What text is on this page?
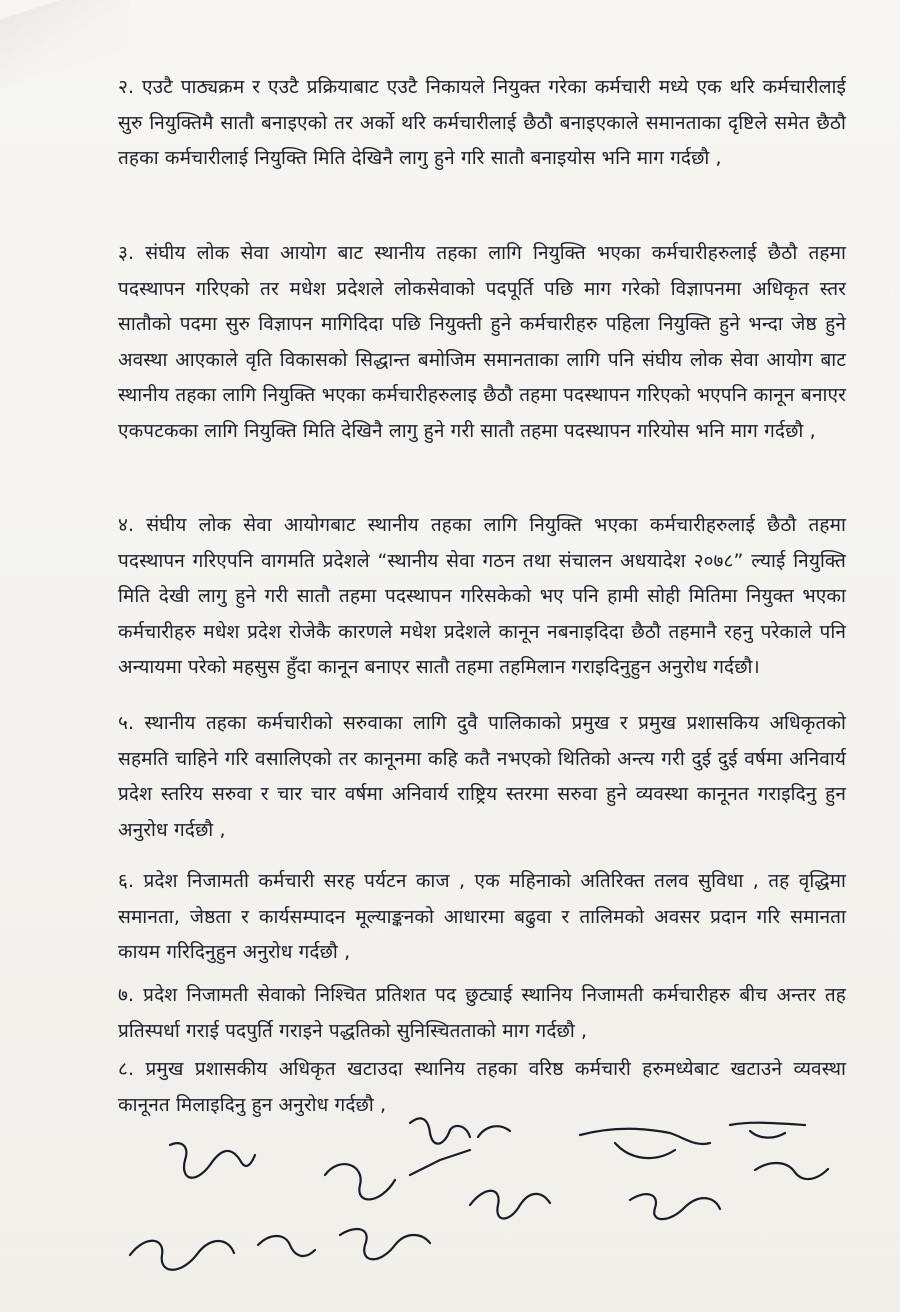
२. एउटै पाठ्यक्रम र एउटै प्रक्रियाबाट एउटै निकायले नियुक्त गरेका कर्मचारी मध्ये एक थरि कर्मचारीलाई सुरु नियुक्तिमै सातौ बनाइएको तर अर्को थरि कर्मचारीलाई छैठौ बनाइएकाले समानताका दृष्टिले समेत छैठौ तहका कर्मचारीलाई नियुक्ति मिति देखिनै लागु हुने गरि सातौ बनाइयोस भनि माग गर्दछौ ,

३. संघीय लोक सेवा आयोग बाट स्थानीय तहका लागि नियुक्ति भएका कर्मचारीहरुलाई छैठौ तहमा पदस्थापन गरिएको तर मधेश प्रदेशले लोकसेवाको पदपूर्ति पछि माग गरेको विज्ञापनमा अधिकृत स्तर सातौको पदमा सुरु विज्ञापन मागिदिदा पछि नियुक्ती हुने कर्मचारीहरु पहिला नियुक्ति हुने भन्दा जेष्ठ हुने अवस्था आएकाले वृति विकासको सिद्धान्त बमोजिम समानताका लागि पनि संघीय लोक सेवा आयोग बाट स्थानीय तहका लागि नियुक्ति भएका कर्मचारीहरुलाइ छैठौ तहमा पदस्थापन गरिएको भएपनि कानून बनाएर एकपटकका लागि नियुक्ति मिति देखिनै लागु हुने गरी सातौ तहमा पदस्थापन गरियोस भनि माग गर्दछौ ,

४. संघीय लोक सेवा आयोगबाट स्थानीय तहका लागि नियुक्ति भएका कर्मचारीहरुलाई छैठौ तहमा पदस्थापन गरिएपनि वागमति प्रदेशले “स्थानीय सेवा गठन तथा संचालन अधयादेश २०७८” ल्याई नियुक्ति मिति देखी लागु हुने गरी सातौ तहमा पदस्थापन गरिसकेको भए पनि हामी सोही मितिमा नियुक्त भएका कर्मचारीहरु मधेश प्रदेश रोजेकै कारणले मधेश प्रदेशले कानून नबनाइदिदा छैठौ तहमानै रहनु परेकाले पनि अन्यायमा परेको महसुस हुँदा कानून बनाएर सातौ तहमा तहमिलान गराइदिनुहुन अनुरोध गर्दछौ।

५. स्थानीय तहका कर्मचारीको सरुवाका लागि दुवै पालिकाको प्रमुख र प्रमुख प्रशासकिय अधिकृतको सहमति चाहिने गरि वसालिएको तर कानूनमा कहि कतै नभएको थितिको अन्त्य गरी दुई दुई वर्षमा अनिवार्य प्रदेश स्तरिय सरुवा र चार चार वर्षमा अनिवार्य राष्ट्रिय स्तरमा सरुवा हुने व्यवस्था कानूनत गराइदिनु हुन अनुरोध गर्दछौ ,

६. प्रदेश निजामती कर्मचारी सरह पर्यटन काज , एक महिनाको अतिरिक्त तलव सुविधा , तह वृद्धिमा समानता, जेष्ठता र कार्यसम्पादन मूल्याङ्कनको आधारमा बढुवा र तालिमको अवसर प्रदान गरि समानता कायम गरिदिनुहुन अनुरोध गर्दछौ ,

७. प्रदेश निजामती सेवाको निश्चित प्रतिशत पद छुट्याई स्थानिय निजामती कर्मचारीहरु बीच अन्तर तह प्रतिस्पर्धा गराई पदपुर्ति गराइने पद्धतिको सुनिस्चितताको माग गर्दछौ ,

८. प्रमुख प्रशासकीय अधिकृत खटाउदा स्थानिय तहका वरिष्ठ कर्मचारी हरुमध्येबाट खटाउने व्यवस्था कानूनत मिलाइदिनु हुन अनुरोध गर्दछौ ,
